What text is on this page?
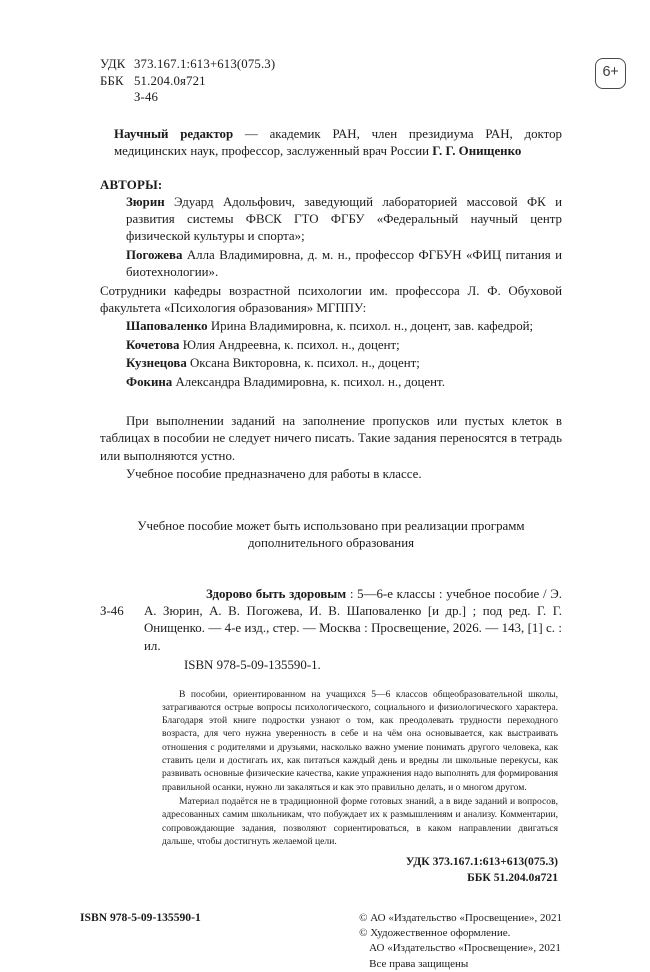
УДК 373.167.1:613+613(075.3)
ББК 51.204.0я721
З-46
6+
Научный редактор — академик РАН, член президиума РАН, доктор медицинских наук, профессор, заслуженный врач России Г. Г. Онищенко
АВТОРЫ:
Зюрин Эдуард Адольфович, заведующий лабораторией массовой ФК и развития системы ФВСК ГТО ФГБУ «Федеральный научный центр физической культуры и спорта»;
Погожева Алла Владимировна, д. м. н., профессор ФГБУН «ФИЦ питания и биотехнологии».
Сотрудники кафедры возрастной психологии им. профессора Л. Ф. Обуховой факультета «Психология образования» МГППУ:
Шаповаленко Ирина Владимировна, к. психол. н., доцент, зав. кафедрой;
Кочетова Юлия Андреевна, к. психол. н., доцент;
Кузнецова Оксана Викторовна, к. психол. н., доцент;
Фокина Александра Владимировна, к. психол. н., доцент.

При выполнении заданий на заполнение пропусков или пустых клеток в таблицах в пособии не следует ничего писать. Такие задания переносятся в тетрадь или выполняются устно.

Учебное пособие предназначено для работы в классе.

Учебное пособие может быть использовано при реализации программ дополнительного образования
З-46
Здорово быть здоровым : 5—6-е классы : учебное пособие / Э. А. Зюрин, А. В. Погожева, И. В. Шаповаленко [и др.] ; под ред. Г. Г. Онищенко. — 4-е изд., стер. — Москва : Просвещение, 2026. — 143, [1] с. : ил.
ISBN 978-5-09-135590-1.

В пособии, ориентированном на учащихся 5—6 классов общеобразовательной школы, затрагиваются острые вопросы психологического, социального и физиологического характера. Благодаря этой книге подростки узнают о том, как преодолевать трудности переходного возраста, для чего нужна уверенность в себе и на чём она основывается, как выстраивать отношения с родителями и друзьями, насколько важно умение понимать другого человека, как ставить цели и достигать их, как питаться каждый день и вредны ли школьные перекусы, как развивать основные физические качества, какие упражнения надо выполнять для формирования правильной осанки, нужно ли закаляться и как это правильно делать, и о многом другом.

Материал подаётся не в традиционной форме готовых знаний, а в виде заданий и вопросов, адресованных самим школьникам, что побуждает их к размышлениям и анализу. Комментарии, сопровождающие задания, позволяют сориентироваться, в каком направлении двигаться дальше, чтобы достигнуть желаемой цели.

УДК 373.167.1:613+613(075.3)
ББК 51.204.0я721
ISBN 978-5-09-135590-1	© АО «Издательство «Просвещение», 2021
© Художественное оформление.
АО «Издательство «Просвещение», 2021
Все права защищены
